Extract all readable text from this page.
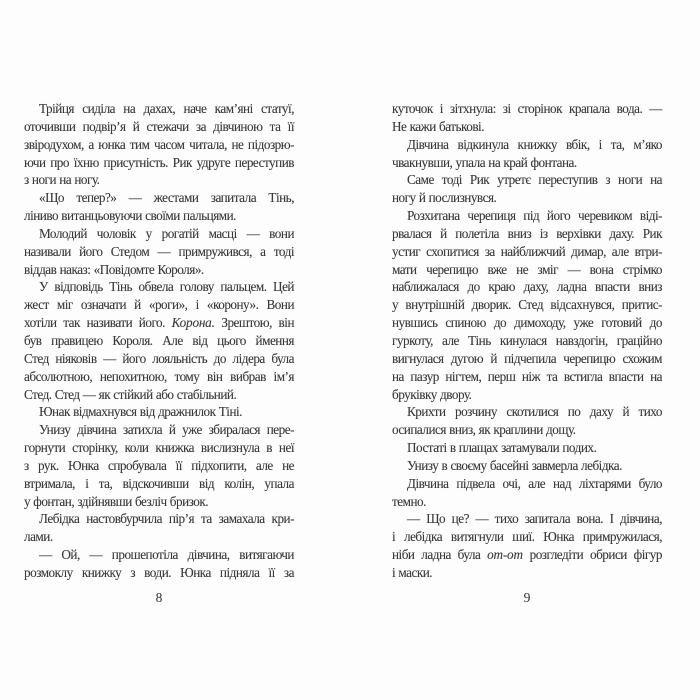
Трійця сиділа на дахах, наче кам’яні статуї,
оточивши подвір’я й стежачи за дівчиною та її
звіродухом, а юнка тим часом читала, не підозрю-
ючи про їхню присутність. Рик удруге переступив
з ноги на ногу.
«Що тепер?» — жестами запитала Тінь,
ліниво витанцьовуючи своїми пальцями.
Молодий чоловік у рогатій масці — вони
називали його Стедом — примружився, а тоді
віддав наказ: «Повідомте Короля».
У відповідь Тінь обвела голову пальцем. Цей
жест міг означати й «роги», і «корону». Вони
хотіли так називати його. Корона. Зрештою, він
був правицею Короля. Але від цього ймення
Стед ніяковів — його лояльність до лідера була
абсолютною, непохитною, тому він вибрав ім’я
Стед. Стед — як стійкий або стабільний.
Юнак відмахнувся від дражнилок Тіні.
Унизу дівчина затихла й уже збиралася пере-
горнути сторінку, коли книжка вислизнула в неї
з рук. Юнка спробувала її підхопити, але не
втримала, і та, відскочивши від колін, упала
у фонтан, здійнявши безліч бризок.
Лебідка настовбурчила пір’я та замахала кри-
лами.
— Ой, — прошепотіла дівчина, витягаючи
розмоклу книжку з води. Юнка підняла її за
8
куточок і зітхнула: зі сторінок крапала вода. —
Не кажи батькові.
Дівчина відкинула книжку вбік, і та, м’яко
чвакнувши, упала на край фонтана.
Саме тоді Рик утретє переступив з ноги на
ногу й послизнувся.
Розхитана черепиця під його черевиком віді-
рвалася й полетіла вниз із верхівки даху. Рик
устиг схопитися за найближчий димар, але втри-
мати черепицю вже не зміг — вона стрімко
наближалася до краю даху, ладна впасти вниз
у внутрішній дворик. Стед відсахнувся, притис-
нувшись спиною до димоходу, уже готовий до
гуркоту, але Тінь кинулася навздогін, граційно
вигнулася дугою й підчепила черепицю схожим
на пазур нігтем, перш ніж та встигла впасти на
бруківку двору.
Крихти розчину скотилися по даху й тихо
осипалися вниз, як краплини дощу.
Постаті в плащах затамували подих.
Унизу в своєму басейні завмерла лебідка.
Дівчина підвела очі, але над ліхтарями було
темно.
— Що це? — тихо запитала вона. І дівчина,
і лебідка витягнули шиї. Юнка примружилася,
ніби ладна була от-от розгледіти обриси фігур
і маски.
9
